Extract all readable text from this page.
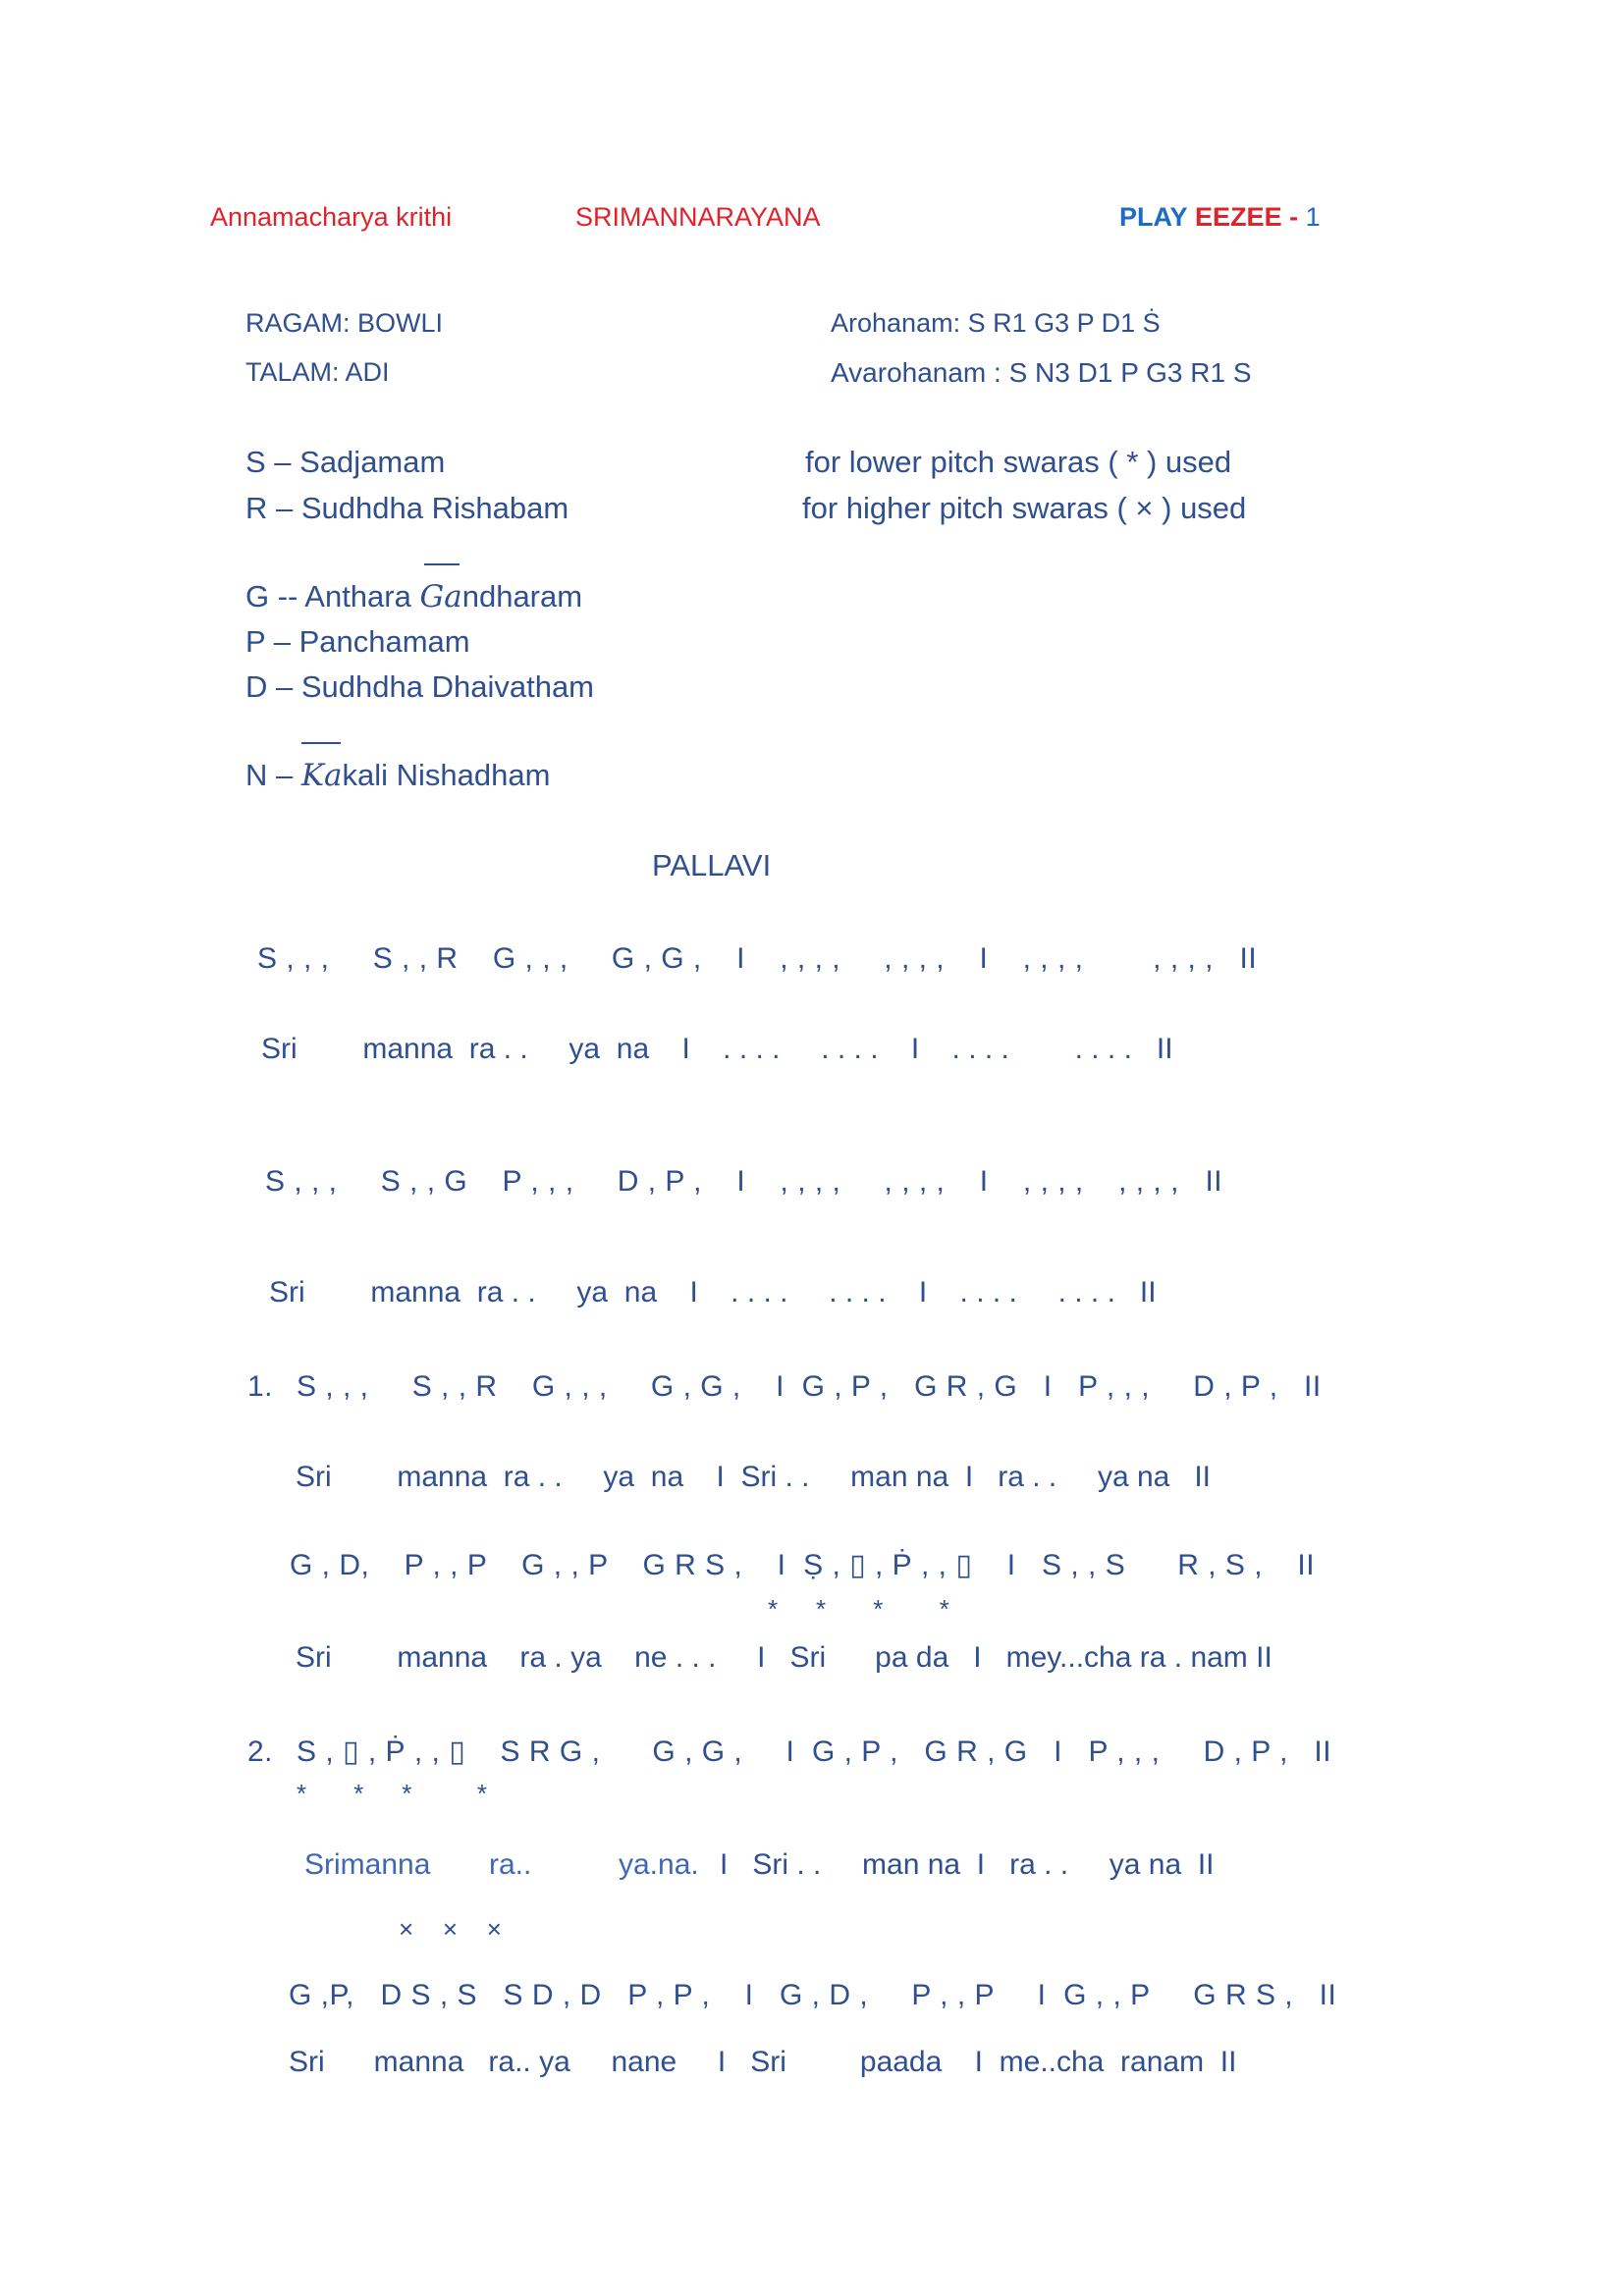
Annamacharya krithi	SRIMANNARAYANA	PLAY EEZEE - 1
RAGAM: BOWLI
TALAM: ADI
Arohanam: S R1 G3 P D1 Ṡ
Avarohanam : S N3 D1 P G3 R1 S
S – Sadjamam
R – Sudhdha Rishabam
for lower pitch swaras ( * ) used
for higher pitch swaras ( × ) used
G -- Anthara Gandharam
P – Panchamam
D – Sudhdha Dhaivatham
N – Kakali Nishadham
PALLAVI
S , , ,     S , , R    G , , ,     G , G ,    I    , , , ,     , , , ,    I    , , , ,        , , , ,   II
Sri        manna  ra . .     ya  na    I    . . . .     . . . .    I    . . . .        . . . .   II
S , , ,     S , , G    P , , ,     D , P ,    I    , , , ,     , , , ,    I    , , , ,    , , , ,   II
Sri        manna  ra . .     ya  na    I    . . . .     . . . .    I    . . . .     . . . .   II
1. S , , ,     S , , R    G , , ,     G , G ,    I  G , P ,   G R , G   I   P , , ,     D , P ,   II
Sri        manna  ra . .     ya  na    I  Sri . .     man na  I   ra . .     ya na   II
G , D,    P , , P    G , , P    G R S ,    I  Ṣ , ▯ , Ṗ , , ▯    I   S , , S      R , S ,    II
*    *     *      *
Sri        manna    ra . ya    ne . . .     I   Sri      pa da   I   mey...cha ra . nam II
2. S , ▯ , Ṗ , , ▯    S R G ,      G , G ,     I  G , P ,   G R , G   I   P , , ,     D , P ,   II
*     *    *       *
Srimanna ra..	ya.na. I   Sri . .     man na  I   ra . .     ya na  II
×   ×   ×
G ,P,   D S , S   S D , D   P , P ,    I   G , D ,     P , , P     I  G , , P     G R S ,   II
Sri      manna   ra.. ya     nane     I   Sri         paada    I  me..cha  ranam  II
